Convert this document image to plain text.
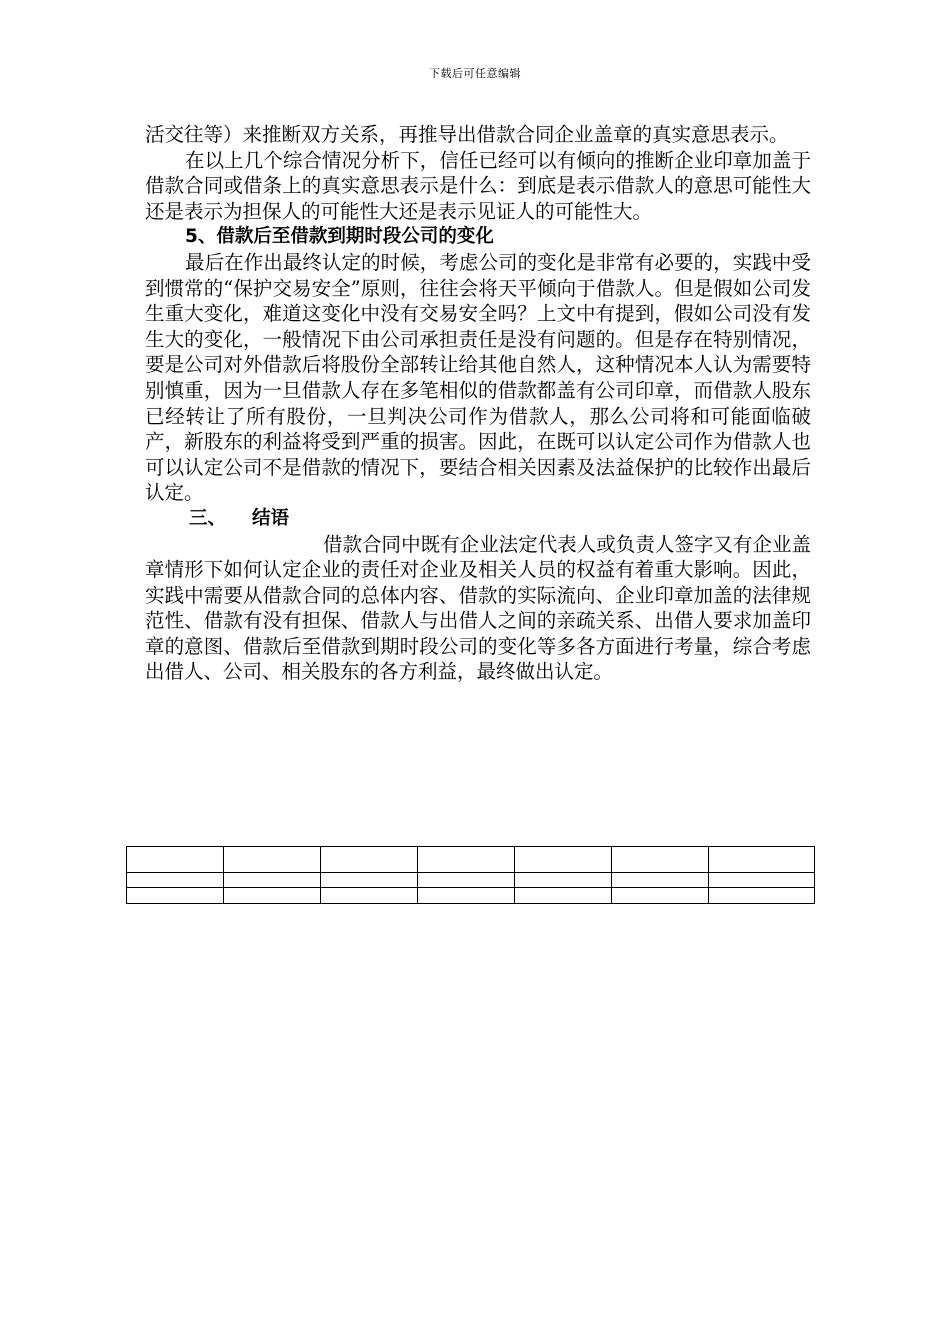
下载后可任意编辑

活交往等）来推断双方关系，再推导出借款合同企业盖章的真实意思表示。

在以上几个综合情况分析下，信任已经可以有倾向的推断企业印章加盖于借款合同或借条上的真实意思表示是什么：到底是表示借款人的意思可能性大还是表示为担保人的可能性大还是表示见证人的可能性大。

5、借款后至借款到期时段公司的变化

最后在作出最终认定的时候，考虑公司的变化是非常有必要的，实践中受到惯常的“保护交易安全”原则，往往会将天平倾向于借款人。但是假如公司发生重大变化，难道这变化中没有交易安全吗？上文中有提到，假如公司没有发生大的变化，一般情况下由公司承担责任是没有问题的。但是存在特别情况，要是公司对外借款后将股份全部转让给其他自然人，这种情况本人认为需要特别慎重，因为一旦借款人存在多笔相似的借款都盖有公司印章，而借款人股东已经转让了所有股份，一旦判决公司作为借款人，那么公司将和可能面临破产，新股东的利益将受到严重的损害。因此，在既可以认定公司作为借款人也可以认定公司不是借款的情况下，要结合相关因素及法益保护的比较作出最后认定。

三、 结语

借款合同中既有企业法定代表人或负责人签字又有企业盖章情形下如何认定企业的责任对企业及相关人员的权益有着重大影响。因此，实践中需要从借款合同的总体内容、借款的实际流向、企业印章加盖的法律规范性、借款有没有担保、借款人与出借人之间的亲疏关系、出借人要求加盖印章的意图、借款后至借款到期时段公司的变化等多各方面进行考量，综合考虑出借人、公司、相关股东的各方利益，最终做出认定。
